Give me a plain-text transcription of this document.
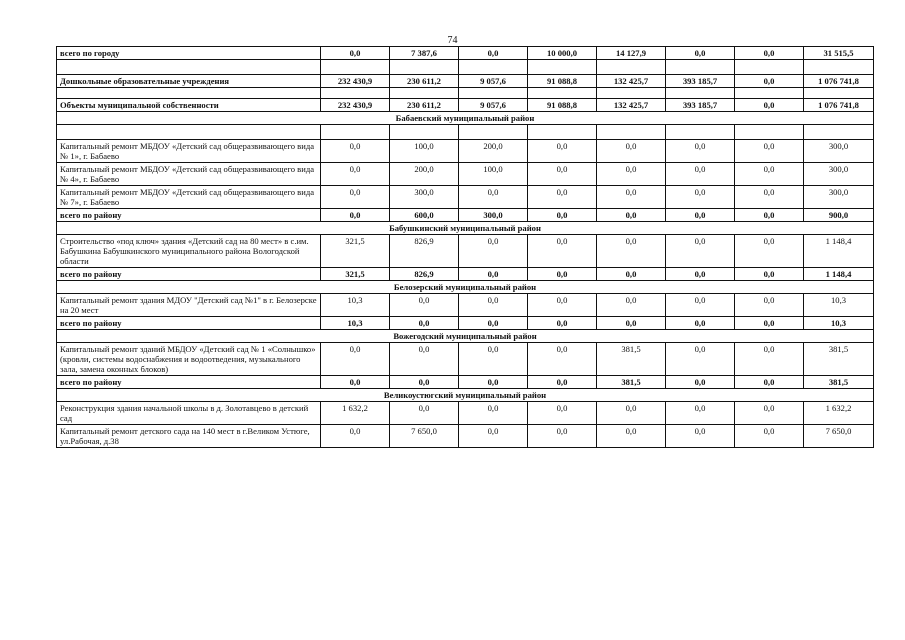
74
всего по городу	0,0	7 387,6	0,0	10 000,0	14 127,9	0,0	0,0	31 515,5

Дошкольные образовательные учреждения	232 430,9	230 611,2	9 057,6	91 088,8	132 425,7	393 185,7	0,0	1 076 741,8

Объекты муниципальной собственности	232 430,9	230 611,2	9 057,6	91 088,8	132 425,7	393 185,7	0,0	1 076 741,8
Бабаевский муниципальный район								

Капитальный ремонт МБДОУ «Детский сад общеразвивающего вида № 1», г. Бабаево	0,0	100,0	200,0	0,0	0,0	0,0	0,0	300,0
Капитальный ремонт МБДОУ «Детский сад общеразвивающего вида № 4», г. Бабаево	0,0	200,0	100,0	0,0	0,0	0,0	0,0	300,0
Капитальный ремонт МБДОУ «Детский сад общеразвивающего вида № 7», г. Бабаево	0,0	300,0	0,0	0,0	0,0	0,0	0,0	300,0
всего по району	0,0	600,0	300,0	0,0	0,0	0,0	0,0	900,0
Бабушкинский муниципальный район								
Строительство «под ключ» здания «Детский сад на 80 мест» в с.им. Бабушкина Бабушкинского муниципального района Вологодской области	321,5	826,9	0,0	0,0	0,0	0,0	0,0	1 148,4
всего по району	321,5	826,9	0,0	0,0	0,0	0,0	0,0	1 148,4
Белозерский муниципальный район								
Капитальный ремонт здания МДОУ "Детский сад №1" в г. Белозерске на 20 мест	10,3	0,0	0,0	0,0	0,0	0,0	0,0	10,3
всего по району	10,3	0,0	0,0	0,0	0,0	0,0	0,0	10,3
Вожегодский муниципальный район								
Капитальный ремонт зданий МБДОУ «Детский сад № 1 «Солнышко» (кровли, системы водоснабжения и водоотведения, музыкального зала, замена оконных блоков)	0,0	0,0	0,0	0,0	381,5	0,0	0,0	381,5
всего по району	0,0	0,0	0,0	0,0	381,5	0,0	0,0	381,5
Великоустюгский муниципальный район								
Реконструкция здания начальной школы в д. Золотавцево в детский сад	1 632,2	0,0	0,0	0,0	0,0	0,0	0,0	1 632,2
Капитальный ремонт детского сада на 140 мест в г.Великом Устюге, ул.Рабочая, д.38	0,0	7 650,0	0,0	0,0	0,0	0,0	0,0	7 650,0
